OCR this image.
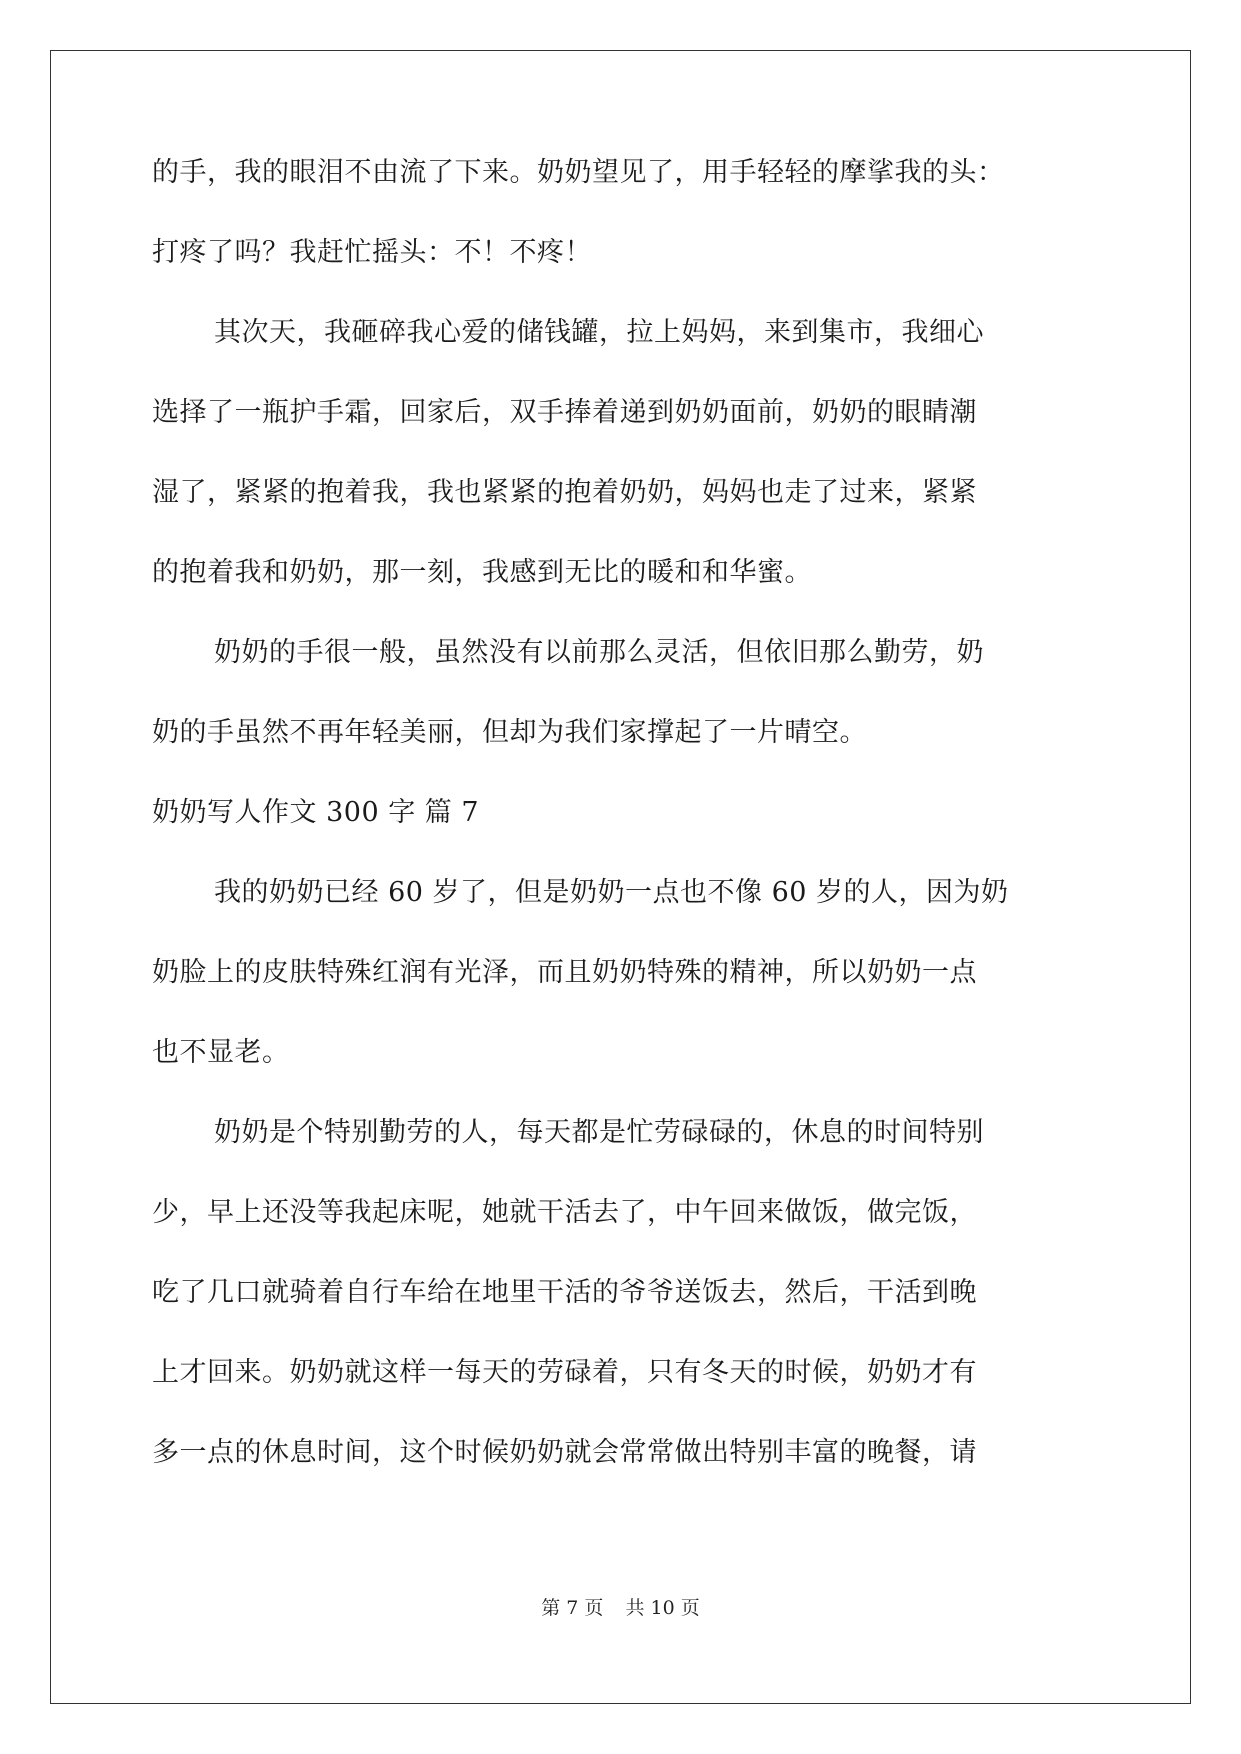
的手，我的眼泪不由流了下来。奶奶望见了，用手轻轻的摩挲我的头：
打疼了吗？我赶忙摇头：不！不疼！
其次天，我砸碎我心爱的储钱罐，拉上妈妈，来到集市，我细心
选择了一瓶护手霜，回家后，双手捧着递到奶奶面前，奶奶的眼睛潮
湿了，紧紧的抱着我，我也紧紧的抱着奶奶，妈妈也走了过来，紧紧
的抱着我和奶奶，那一刻，我感到无比的暖和和华蜜。
奶奶的手很一般，虽然没有以前那么灵活，但依旧那么勤劳，奶
奶的手虽然不再年轻美丽，但却为我们家撑起了一片晴空。
奶奶写人作文 300 字 篇 7
我的奶奶已经 60 岁了，但是奶奶一点也不像 60 岁的人，因为奶
奶脸上的皮肤特殊红润有光泽，而且奶奶特殊的精神，所以奶奶一点
也不显老。
奶奶是个特别勤劳的人，每天都是忙劳碌碌的，休息的时间特别
少，早上还没等我起床呢，她就干活去了，中午回来做饭，做完饭，
吃了几口就骑着自行车给在地里干活的爷爷送饭去，然后，干活到晚
上才回来。奶奶就这样一每天的劳碌着，只有冬天的时候，奶奶才有
多一点的休息时间，这个时候奶奶就会常常做出特别丰富的晚餐，请
第 7 页 共 10 页
